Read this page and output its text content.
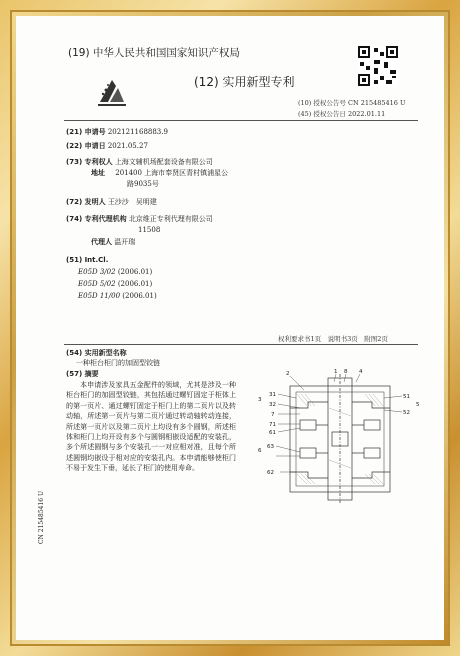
(19) 中华人民共和国国家知识产权局
(12) 实用新型专利
(10) 授权公告号 CN 215485416 U
(45) 授权公告日 2022.01.11
(21) 申请号 202121168883.9
(22) 申请日 2021.05.27
(73) 专利权人 上海文辅机场配套设备有限公司
地址 201400 上海市奉贤区青村镇浦星公
路9035号
(72) 发明人 王沙沙　吴明建
(74) 专利代理机构 北京维正专利代理有限公司
11508
代理人 温开瑞
(51) Int.Cl.
E05D 3/02 (2006.01)
E05D 5/02 (2006.01)
E05D 11/00 (2006.01)
权利要求书1页　说明书3页　附图2页
(54) 实用新型名称
一种柜台柜门的加固型铰链
(57) 摘要
本申请涉及家具五金配件的领域，尤其是涉及一种柜台柜门的加固型铰链，其包括通过螺钉固定于柜体上的第一页片、通过螺钉固定于柜门上的第二页片以及转动轴，所述第一页片与第二页片通过转动轴转动连接，所述第一页片以及第二页片上均设有多个圆钢，所述柜体和柜门上均开设有多个与圆钢相嵌设适配的安装孔，多个所述圆钢与多个安装孔一一对应相对准，且每个所述圆钢均嵌设于相对应的安装孔内。本申请能够使柜门不易于发生下垂，延长了柜门的使用寿命。
2	1 8 4
31
3
32
7
71
61
6
63
62
51
5
52
CN 215485416 U
